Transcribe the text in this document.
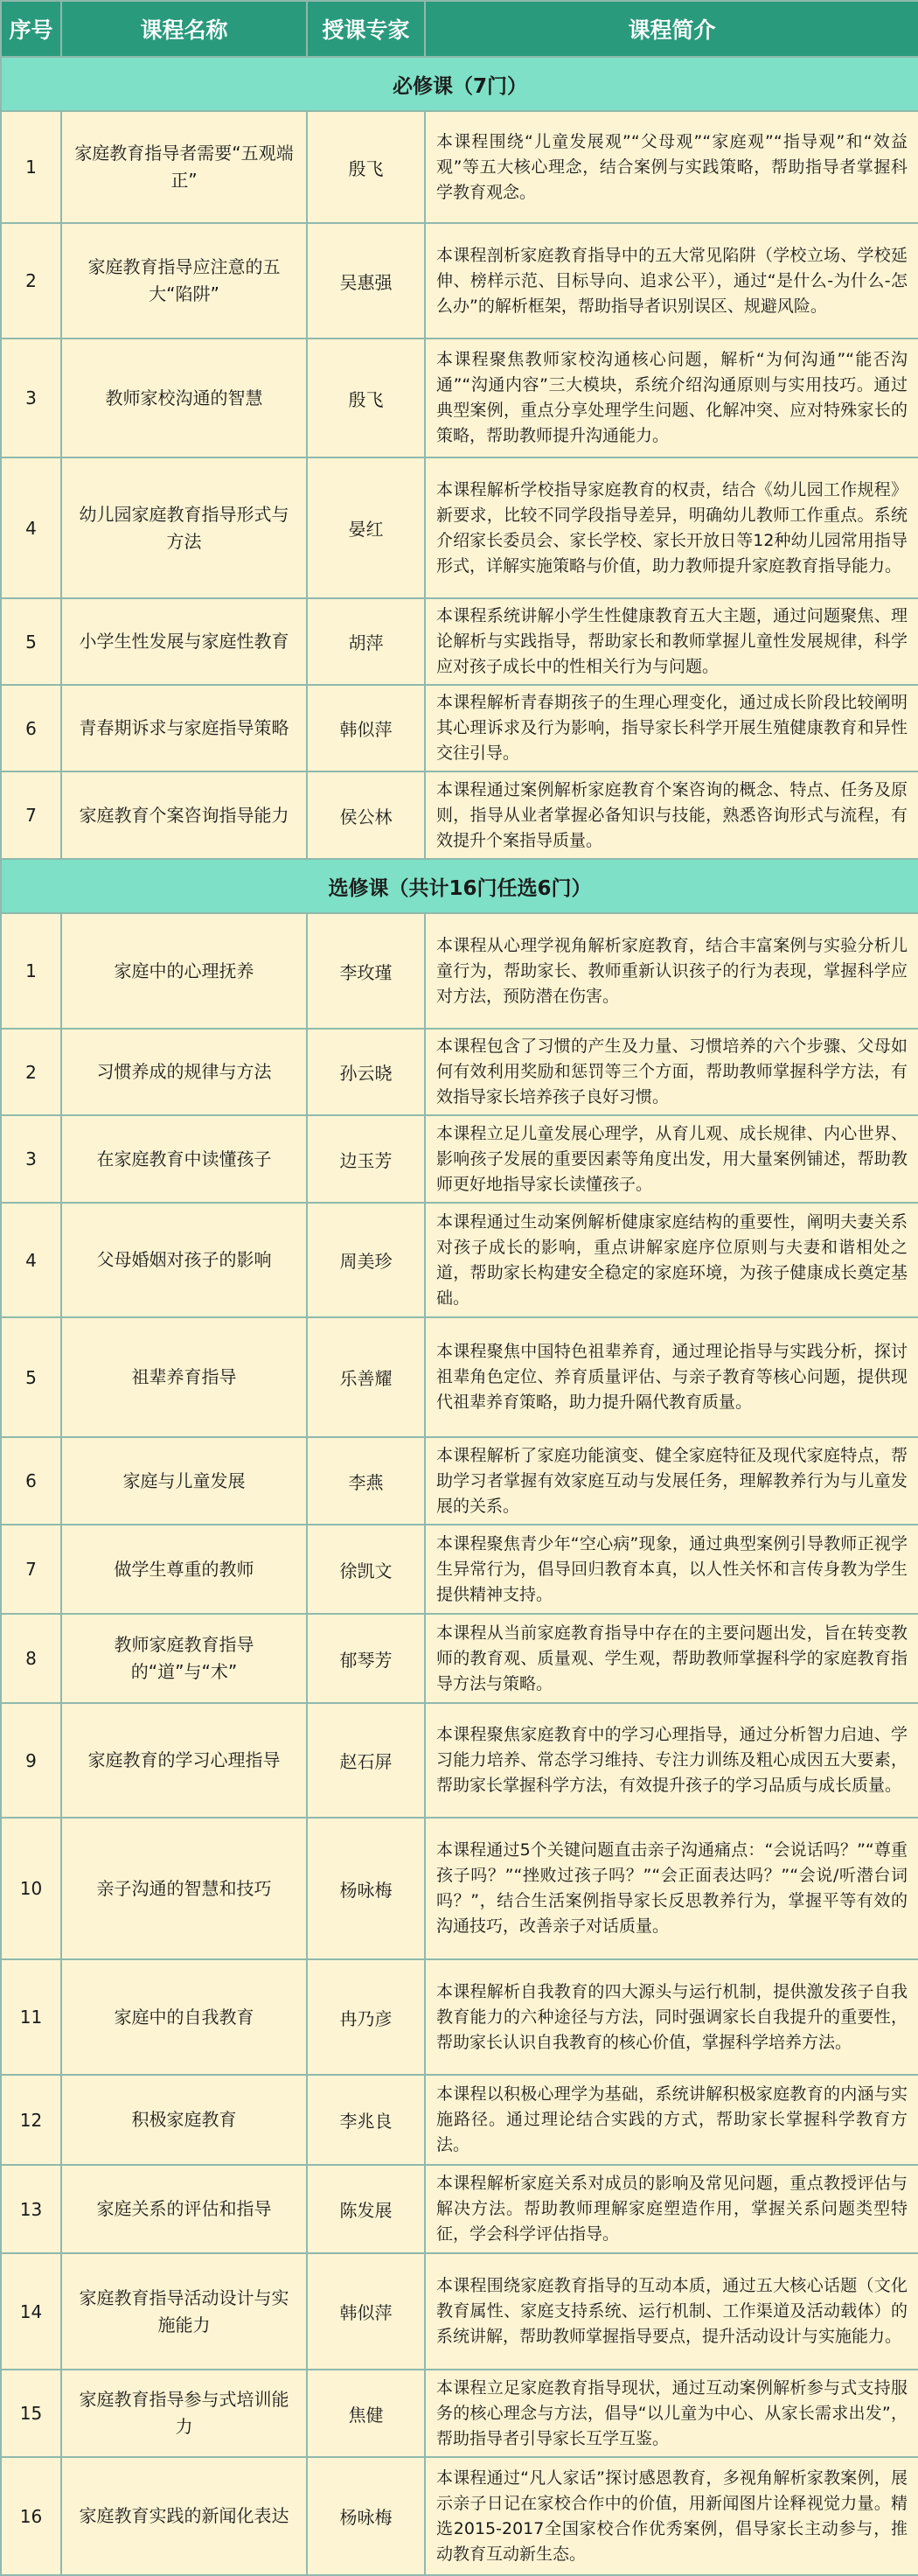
序号	课程名称	授课专家	课程简介
必修课（7门）			
1	家庭教育指导者需要“五观端正”	殷飞	本课程围绕“儿童发展观”“父母观”“家庭观”“指导观”和“效益观”等五大核心理念，结合案例与实践策略，帮助指导者掌握科学教育观念。
2	家庭教育指导应注意的五大“陷阱”	吴惠强	本课程剖析家庭教育指导中的五大常见陷阱（学校立场、学校延伸、榜样示范、目标导向、追求公平），通过“是什么-为什么-怎么办”的解析框架，帮助指导者识别误区、规避风险。
3	教师家校沟通的智慧	殷飞	本课程聚焦教师家校沟通核心问题，解析“为何沟通”“能否沟通”“沟通内容”三大模块，系统介绍沟通原则与实用技巧。通过典型案例，重点分享处理学生问题、化解冲突、应对特殊家长的策略，帮助教师提升沟通能力。
4	幼儿园家庭教育指导形式与方法	晏红	本课程解析学校指导家庭教育的权责，结合《幼儿园工作规程》新要求，比较不同学段指导差异，明确幼儿教师工作重点。系统介绍家长委员会、家长学校、家长开放日等12种幼儿园常用指导形式，详解实施策略与价值，助力教师提升家庭教育指导能力。
5	小学生性发展与家庭性教育	胡萍	本课程系统讲解小学生性健康教育五大主题，通过问题聚焦、理论解析与实践指导，帮助家长和教师掌握儿童性发展规律，科学应对孩子成长中的性相关行为与问题。
6	青春期诉求与家庭指导策略	韩似萍	本课程解析青春期孩子的生理心理变化，通过成长阶段比较阐明其心理诉求及行为影响，指导家长科学开展生殖健康教育和异性交往引导。
7	家庭教育个案咨询指导能力	侯公林	本课程通过案例解析家庭教育个案咨询的概念、特点、任务及原则，指导从业者掌握必备知识与技能，熟悉咨询形式与流程，有效提升个案指导质量。
选修课（共计16门任选6门）			
1	家庭中的心理抚养	李玫瑾	本课程从心理学视角解析家庭教育，结合丰富案例与实验分析儿童行为，帮助家长、教师重新认识孩子的行为表现，掌握科学应对方法，预防潜在伤害。
2	习惯养成的规律与方法	孙云晓	本课程包含了习惯的产生及力量、习惯培养的六个步骤、父母如何有效利用奖励和惩罚等三个方面，帮助教师掌握科学方法，有效指导家长培养孩子良好习惯。
3	在家庭教育中读懂孩子	边玉芳	本课程立足儿童发展心理学，从育儿观、成长规律、内心世界、影响孩子发展的重要因素等角度出发，用大量案例铺述，帮助教师更好地指导家长读懂孩子。
4	父母婚姻对孩子的影响	周美珍	本课程通过生动案例解析健康家庭结构的重要性，阐明夫妻关系对孩子成长的影响，重点讲解家庭序位原则与夫妻和谐相处之道，帮助家长构建安全稳定的家庭环境，为孩子健康成长奠定基础。
5	祖辈养育指导	乐善耀	本课程聚焦中国特色祖辈养育，通过理论指导与实践分析，探讨祖辈角色定位、养育质量评估、与亲子教育等核心问题，提供现代祖辈养育策略，助力提升隔代教育质量。
6	家庭与儿童发展	李燕	本课程解析了家庭功能演变、健全家庭特征及现代家庭特点，帮助学习者掌握有效家庭互动与发展任务，理解教养行为与儿童发展的关系。
7	做学生尊重的教师	徐凯文	本课程聚焦青少年“空心病”现象，通过典型案例引导教师正视学生异常行为，倡导回归教育本真，以人性关怀和言传身教为学生提供精神支持。
8	教师家庭教育指导的“道”与“术”	郁琴芳	本课程从当前家庭教育指导中存在的主要问题出发，旨在转变教师的教育观、质量观、学生观，帮助教师掌握科学的家庭教育指导方法与策略。
9	家庭教育的学习心理指导	赵石屏	本课程聚焦家庭教育中的学习心理指导，通过分析智力启迪、学习能力培养、常态学习维持、专注力训练及粗心成因五大要素，帮助家长掌握科学方法，有效提升孩子的学习品质与成长质量。
10	亲子沟通的智慧和技巧	杨咏梅	本课程通过5个关键问题直击亲子沟通痛点：“会说话吗？”“尊重孩子吗？”“挫败过孩子吗？”“会正面表达吗？”“会说/听潜台词吗？”，结合生活案例指导家长反思教养行为，掌握平等有效的沟通技巧，改善亲子对话质量。
11	家庭中的自我教育	冉乃彦	本课程解析自我教育的四大源头与运行机制，提供激发孩子自我教育能力的六种途径与方法，同时强调家长自我提升的重要性，帮助家长认识自我教育的核心价值，掌握科学培养方法。
12	积极家庭教育	李兆良	本课程以积极心理学为基础，系统讲解积极家庭教育的内涵与实施路径。通过理论结合实践的方式，帮助家长掌握科学教育方法。
13	家庭关系的评估和指导	陈发展	本课程解析家庭关系对成员的影响及常见问题，重点教授评估与解决方法。帮助教师理解家庭塑造作用，掌握关系问题类型特征，学会科学评估指导。
14	家庭教育指导活动设计与实施能力	韩似萍	本课程围绕家庭教育指导的互动本质，通过五大核心话题（文化教育属性、家庭支持系统、运行机制、工作渠道及活动载体）的系统讲解，帮助教师掌握指导要点，提升活动设计与实施能力。
15	家庭教育指导参与式培训能力	焦健	本课程立足家庭教育指导现状，通过互动案例解析参与式支持服务的核心理念与方法，倡导“以儿童为中心、从家长需求出发”，帮助指导者引导家长互学互鉴。
16	家庭教育实践的新闻化表达	杨咏梅	本课程通过“凡人家话”探讨感恩教育，多视角解析家教案例，展示亲子日记在家校合作中的价值，用新闻图片诠释视觉力量。精选2015-2017全国家校合作优秀案例，倡导家长主动参与，推动教育互动新生态。
